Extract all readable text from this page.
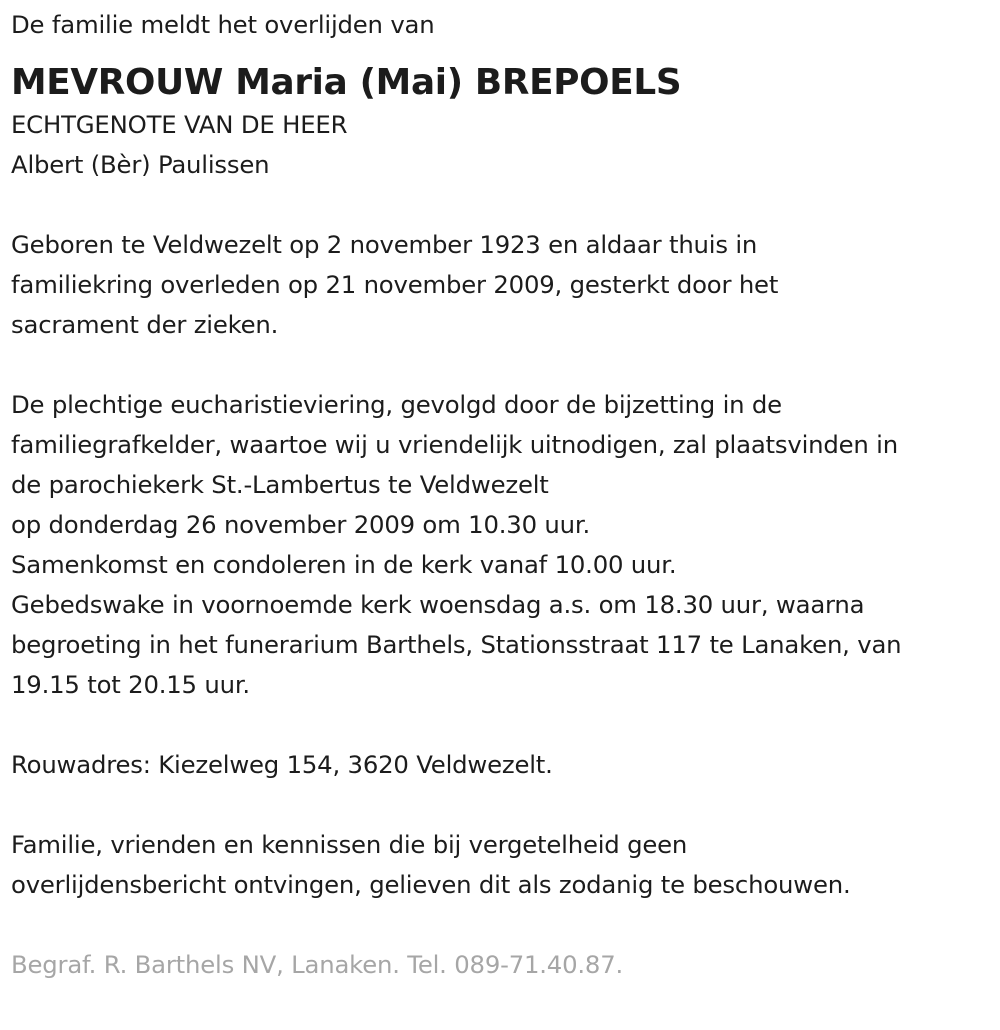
De familie meldt het overlijden van
MEVROUW Maria (Mai) BREPOELS
ECHTGENOTE VAN DE HEER
Albert (Bèr) Paulissen
Geboren te Veldwezelt op 2 november 1923 en aldaar thuis in
familiekring overleden op 21 november 2009, gesterkt door het
sacrament der zieken.
De plechtige eucharistieviering, gevolgd door de bijzetting in de
familiegrafkelder, waartoe wij u vriendelijk uitnodigen, zal plaatsvinden in
de parochiekerk St.-Lambertus te Veldwezelt
op donderdag 26 november 2009 om 10.30 uur.
Samenkomst en condoleren in de kerk vanaf 10.00 uur.
Gebedswake in voornoemde kerk woensdag a.s. om 18.30 uur, waarna
begroeting in het funerarium Barthels, Stationsstraat 117 te Lanaken, van
19.15 tot 20.15 uur.
Rouwadres: Kiezelweg 154, 3620 Veldwezelt.
Familie, vrienden en kennissen die bij vergetelheid geen
overlijdensbericht ontvingen, gelieven dit als zodanig te beschouwen.
Begraf. R. Barthels NV, Lanaken. Tel. 089-71.40.87.
